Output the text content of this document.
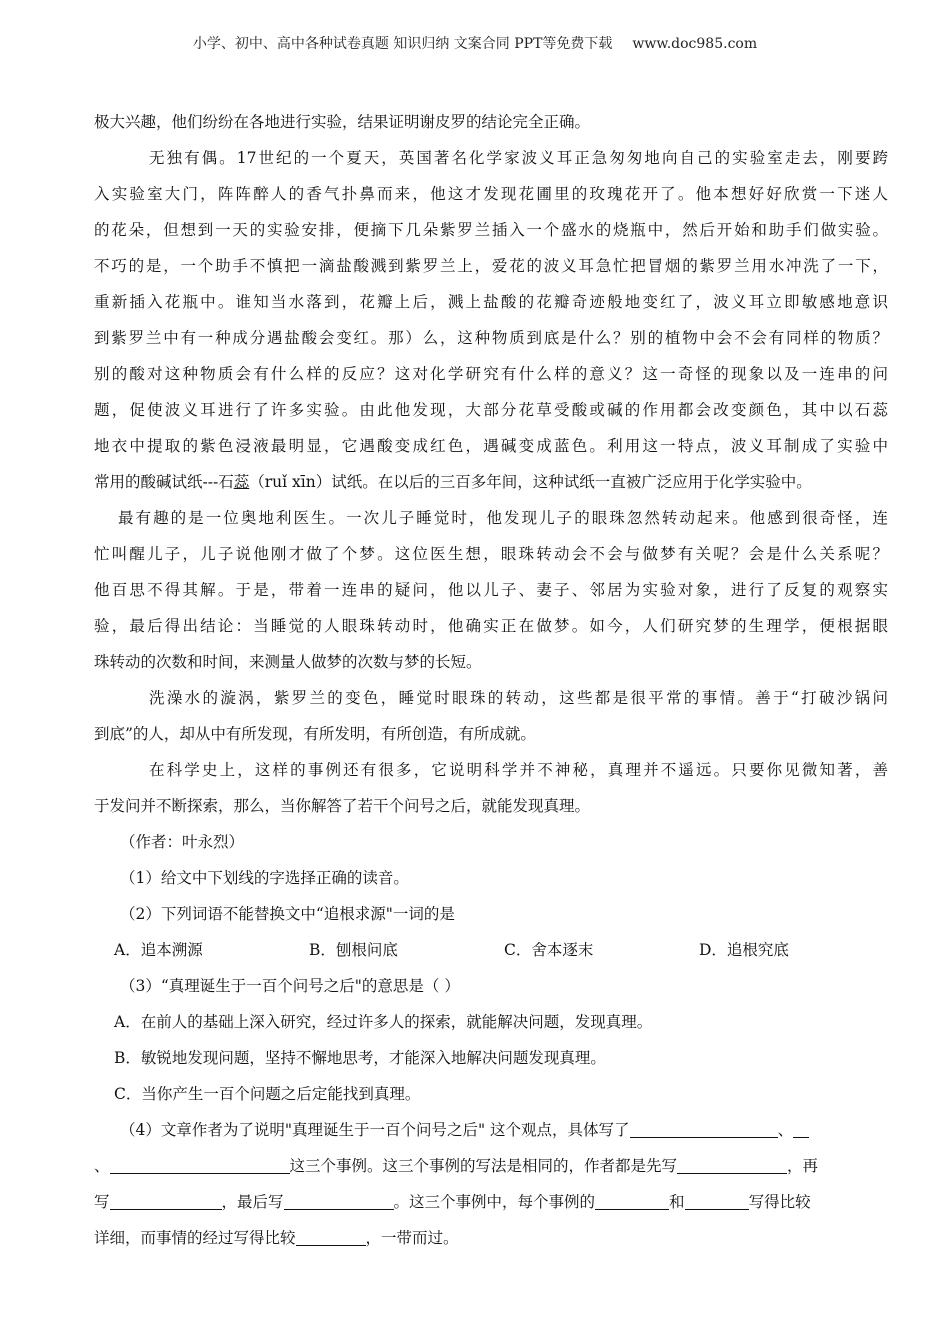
小学、初中、高中各种试卷真题 知识归纳 文案合同 PPT等免费下载 www.doc985.com
极大兴趣，他们纷纷在各地进行实验，结果证明谢皮罗的结论完全正确。
无独有偶。17世纪的一个夏天，英国著名化学家波义耳正急匆匆地向自己的实验室走去，刚要跨
入实验室大门，阵阵醉人的香气扑鼻而来，他这才发现花圃里的玫瑰花开了。他本想好好欣赏一下迷人
的花朵，但想到一天的实验安排，便摘下几朵紫罗兰插入一个盛水的烧瓶中，然后开始和助手们做实验。
不巧的是，一个助手不慎把一滴盐酸溅到紫罗兰上，爱花的波义耳急忙把冒烟的紫罗兰用水冲洗了一下，
重新插入花瓶中。谁知当水落到，花瓣上后，溅上盐酸的花瓣奇迹般地变红了，波义耳立即敏感地意识
到紫罗兰中有一种成分遇盐酸会变红。那）么，这种物质到底是什么？别的植物中会不会有同样的物质？
别的酸对这种物质会有什么样的反应？这对化学研究有什么样的意义？这一奇怪的现象以及一连串的问
题，促使波义耳进行了许多实验。由此他发现，大部分花草受酸或碱的作用都会改变颜色，其中以石蕊
地衣中提取的紫色浸液最明显，它遇酸变成红色，遇碱变成蓝色。利用这一特点，波义耳制成了实验中
常用的酸碱试纸---石蕊（ruǐ xīn）试纸。在以后的三百多年间，这种试纸一直被广泛应用于化学实验中。
最有趣的是一位奥地利医生。一次儿子睡觉时，他发现儿子的眼珠忽然转动起来。他感到很奇怪，连
忙叫醒儿子，儿子说他刚才做了个梦。这位医生想，眼珠转动会不会与做梦有关呢？会是什么关系呢？
他百思不得其解。于是，带着一连串的疑问，他以儿子、妻子、邻居为实验对象，进行了反复的观察实
验，最后得出结论：当睡觉的人眼珠转动时，他确实正在做梦。如今，人们研究梦的生理学，便根据眼
珠转动的次数和时间，来测量人做梦的次数与梦的长短。
洗澡水的漩涡，紫罗兰的变色，睡觉时眼珠的转动，这些都是很平常的事情。善于“打破沙锅问
到底”的人，却从中有所发现，有所发明，有所创造，有所成就。
在科学史上，这样的事例还有很多，它说明科学并不神秘，真理并不遥远。只要你见微知著，善
于发问并不断探索，那么，当你解答了若干个问号之后，就能发现真理。
（作者：叶永烈）
（1）给文中下划线的字选择正确的读音。
（2）下列词语不能替换文中“追根求源"一词的是
A．追本溯源	B．刨根问底	C．舍本逐末	D．追根究底
（3）“真理诞生于一百个问号之后"的意思是（ ）
A．在前人的基础上深入研究，经过许多人的探索，就能解决问题，发现真理。
B．敏锐地发现问题，坚持不懈地思考，才能深入地解决问题发现真理。
C．当你产生一百个问题之后定能找到真理。
（4）文章作者为了说明"真理诞生于一百个问号之后" 这个观点，具体写了	、
、	这三个事例。这三个事例的写法是相同的，作者都是先写	，再
写	，最后写	。这三个事例中，每个事例的	和	写得比较
详细，而事情的经过写得比较	，一带而过。
